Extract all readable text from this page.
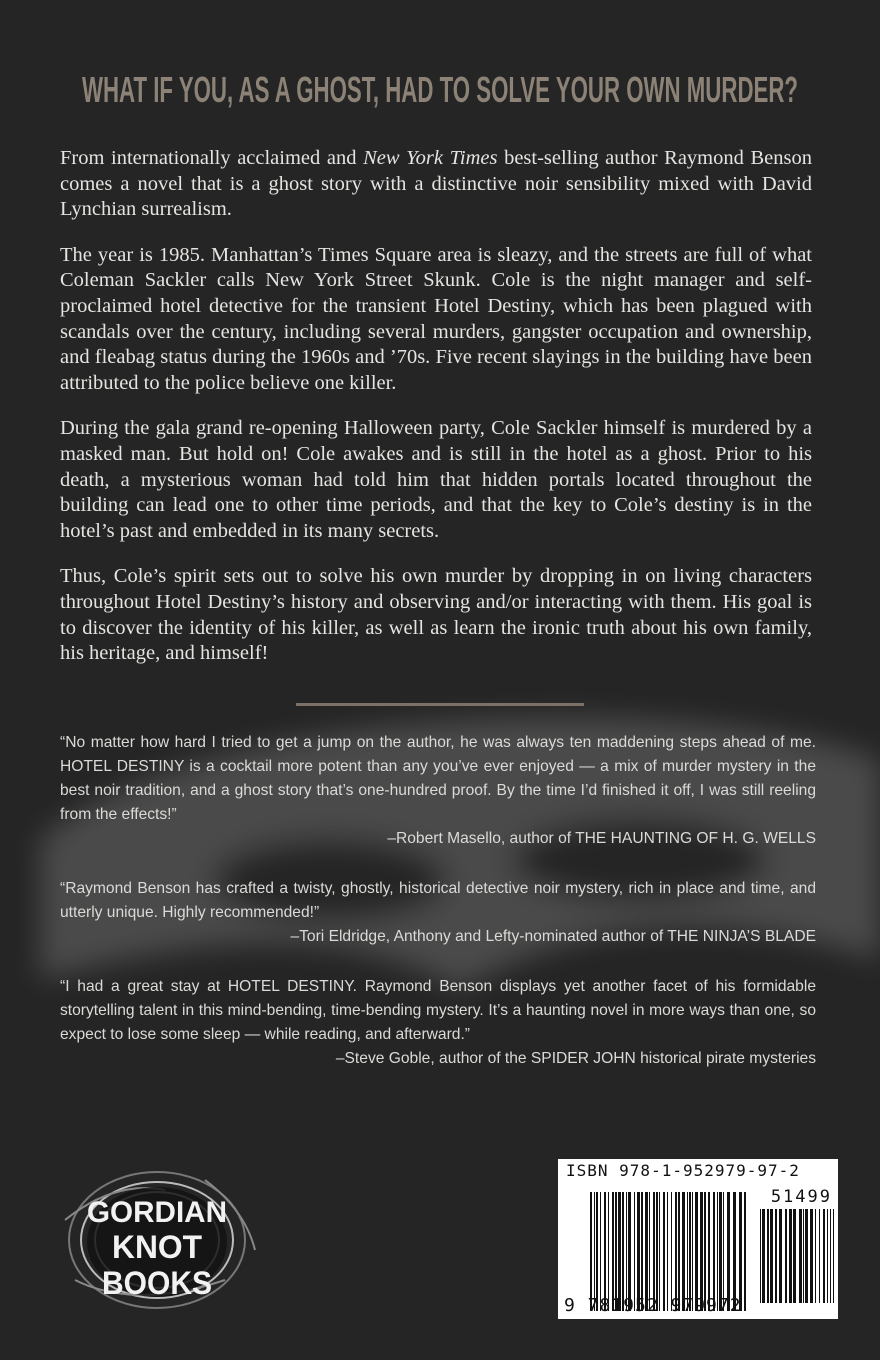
WHAT IF YOU, AS A GHOST, HAD TO SOLVE YOUR OWN MURDER?

From internationally acclaimed and New York Times best-selling author Raymond Benson comes a novel that is a ghost story with a distinctive noir sensibility mixed with David Lynchian surrealism.

The year is 1985. Manhattan’s Times Square area is sleazy, and the streets are full of what Coleman Sackler calls New York Street Skunk. Cole is the night manager and self-proclaimed hotel detective for the transient Hotel Destiny, which has been plagued with scandals over the century, including several murders, gangster occupation and ownership, and fleabag status during the 1960s and ’70s. Five recent slayings in the building have been attributed to the police believe one killer.

During the gala grand re-opening Halloween party, Cole Sackler himself is murdered by a masked man. But hold on! Cole awakes and is still in the hotel as a ghost. Prior to his death, a mysterious woman had told him that hidden portals located throughout the building can lead one to other time periods, and that the key to Cole’s destiny is in the hotel’s past and embedded in its many secrets.

Thus, Cole’s spirit sets out to solve his own murder by dropping in on living characters throughout Hotel Destiny’s history and observing and/or interacting with them. His goal is to discover the identity of his killer, as well as learn the ironic truth about his own family, his heritage, and himself!

“No matter how hard I tried to get a jump on the author, he was always ten maddening steps ahead of me. HOTEL DESTINY is a cocktail more potent than any you’ve ever enjoyed — a mix of murder mystery in the best noir tradition, and a ghost story that’s one-hundred proof. By the time I’d finished it off, I was still reeling from the effects!”

–Robert Masello, author of THE HAUNTING OF H. G. WELLS

“Raymond Benson has crafted a twisty, ghostly, historical detective noir mystery, rich in place and time, and utterly unique. Highly recommended!”

–Tori Eldridge, Anthony and Lefty-nominated author of THE NINJA’S BLADE

“I had a great stay at HOTEL DESTINY. Raymond Benson displays yet another facet of his formidable storytelling talent in this mind-bending, time-bending mystery. It’s a haunting novel in more ways than one, so expect to lose some sleep — while reading, and afterward.”

–Steve Goble, author of the SPIDER JOHN historical pirate mysteries

GORDIAN
KNOT
BOOKS
ISBN 978-1-952979-97-2
51499
9 781952 979972
